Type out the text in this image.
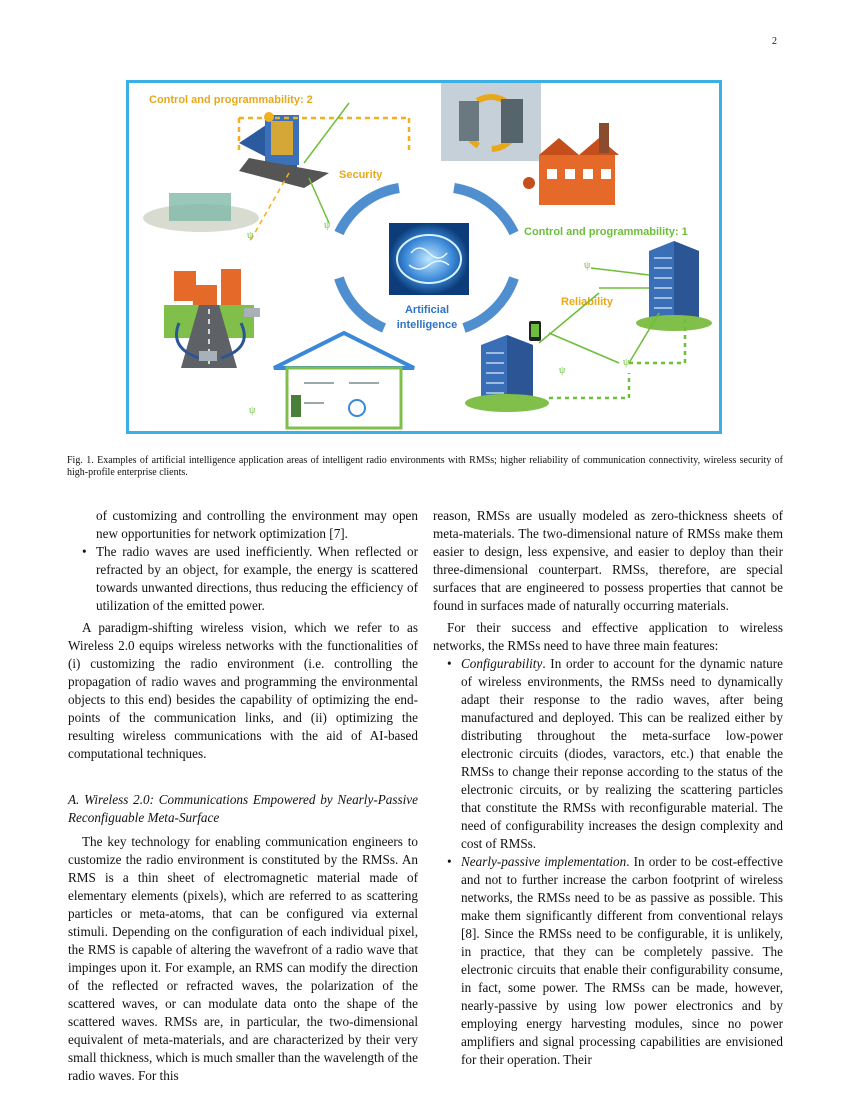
2
Artificial
intelligence
Control and programmability: 2
Security
ψ
ψ	Control and programmability: 1
Reliability
ψ
ψ
ψ
ψ
Fig. 1. Examples of artificial intelligence application areas of intelligent radio environments with RMSs; higher reliability of communication connectivity, wireless security of high-profile enterprise clients.

of customizing and controlling the environment may open new opportunities for network optimization [7].

• The radio waves are used inefficiently. When reflected or refracted by an object, for example, the energy is scattered towards unwanted directions, thus reducing the efficiency of utilization of the emitted power.

A paradigm-shifting wireless vision, which we refer to as Wireless 2.0 equips wireless networks with the functionalities of (i) customizing the radio environment (i.e. controlling the propagation of radio waves and programming the environmental objects to this end) besides the capability of optimizing the end-points of the communication links, and (ii) optimizing the resulting wireless communications with the aid of AI-based computational techniques.

A. Wireless 2.0: Communications Empowered by Nearly-Passive Reconfiguable Meta-Surface

The key technology for enabling communication engineers to customize the radio environment is constituted by the RMSs. An RMS is a thin sheet of electromagnetic material made of elementary elements (pixels), which are referred to as scattering particles or meta-atoms, that can be configured via external stimuli. Depending on the configuration of each individual pixel, the RMS is capable of altering the wavefront of a radio wave that impinges upon it. For example, an RMS can modify the direction of the reflected or refracted waves, the polarization of the scattered waves, or can modulate data onto the shape of the scattered waves. RMSs are, in particular, the two-dimensional equivalent of meta-materials, and are characterized by their very small thickness, which is much smaller than the wavelength of the radio waves. For this

reason, RMSs are usually modeled as zero-thickness sheets of meta-materials. The two-dimensional nature of RMSs make them easier to design, less expensive, and easier to deploy than their three-dimensional counterpart. RMSs, therefore, are special surfaces that are engineered to possess properties that cannot be found in surfaces made of naturally occurring materials.

For their success and effective application to wireless networks, the RMSs need to have three main features:

• Configurability. In order to account for the dynamic nature of wireless environments, the RMSs need to dynamically adapt their response to the radio waves, after being manufactured and deployed. This can be realized either by distributing throughout the meta-surface low-power electronic circuits (diodes, varactors, etc.) that enable the RMSs to change their reponse according to the status of the electronic circuits, or by realizing the scattering particles that constitute the RMSs with reconfigurable material. The need of configurability increases the design complexity and cost of RMSs.

• Nearly-passive implementation. In order to be cost-effective and not to further increase the carbon footprint of wireless networks, the RMSs need to be as passive as possible. This make them significantly different from conventional relays [8]. Since the RMSs need to be configurable, it is unlikely, in practice, that they can be completely passive. The electronic circuits that enable their configurability consume, in fact, some power. The RMSs can be made, however, nearly-passive by using low power electronics and by employing energy harvesting modules, since no power amplifiers and signal processing capabilities are envisioned for their operation. Their
